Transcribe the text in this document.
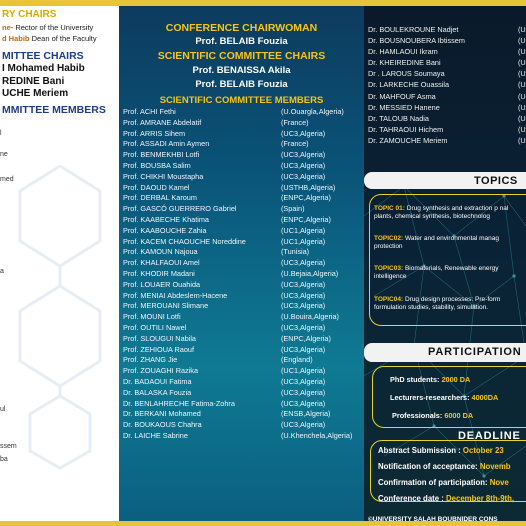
RY CHAIRS
ne- Rector of the University
d Habib Dean of the Faculty
MITTEE CHAIRS
I Mohamed Habib
REDINE Bani
UCHE Meriem
MMITTEE MEMBERS
l
ne
med
a
ul
ssem
ba
CONFERENCE CHAIRWOMAN
Prof. BELAIB Fouzia
SCIENTIFIC COMMITTEE CHAIRS
Prof. BENAISSA Akila
Prof. BELAIB Fouzia
SCIENTIFIC COMMITTEE MEMBERS
Prof. ACHI Fethi	(U.Ouargla,Algeria)
Prof. AMRANE Abdelatif	(France)
Prof. ARRIS Sihem	(UC3,Algeria)
Prof. ASSADI Amin Aymen	(France)
Prof. BENMEKHBI Lotfi	(UC3,Algeria)
Prof. BOUSBA Salim	(UC3,Algeria)
Prof. CHIKHI Moustapha	(UC3,Algeria)
Prof. DAOUD Kamel	(USTHB,Algeria)
Prof. DERBAL Karoum	(ENPC,Algeria)
Prof. GASCÓ GUERRERO Gabriel	(Spain)
Prof. KAABECHE Khatima	(ENPC,Algeria)
Prof. KAABOUCHE Zahia	(UC1,Algeria)
Prof. KACEM CHAOUCHE Noreddine	(UC1,Algeria)
Prof. KAMOUN Najoua	(Tunisia)
Prof. KHALFAOUI Amel	(UC3,Algeria)
Prof. KHODIR Madani	(U.Bejaia,Algeria)
Prof. LOUAER Ouahida	(UC3,Algeria)
Prof. MENIAI Abdeslem-Hacene	(UC3,Algeria)
Prof. MEROUANI Slimane	(UC3,Algeria)
Prof. MOUNI Lotfi	(U.Bouira,Algeria)
Prof. OUTILI Nawel	(UC3,Algeria)
Prof. SLOUGUI Nabila	(ENPC,Algeria)
Prof. ZEHIOUA Raouf	(UC3,Algeria)
Prof. ZHANG Jie	(England)
Prof. ZOUAGHI Razika	(UC1,Algeria)
Dr. BADAOUI Fatima	(UC3,Algeria)
Dr. BALASKA Fouzia	(UC3,Algeria)
Dr. BENLAHRECHE Fatima-Zohra	(UC3,Algeria)
Dr. BERKANI Mohamed	(ENSB,Algeria)
Dr. BOUKAOUS Chahra	(UC3,Algeria)
Dr. LAICHE Sabrine	(U.Khenchela,Algeria)
Dr. BOULEKROUNE Nadjet	(U
Dr. BOUSNOUBERA Ibtissem	(U
Dr. HAMLAOUI Ikram	(U
Dr. KHEIREDINE Bani	(U
Dr . LAROUS Soumaya	(U
Dr. LARKECHE Ouassila	(U
Dr. MAHFOUF Asma	(U
Dr. MESSIED Hanene	(U
Dr. TALOUB Nadia	(U
Dr. TAHRAOUI Hichem	(U
Dr. ZAMOUCHE Meriem	(U
TOPICS
TOPIC 01: Drug synthesis and extraction p nal plants, chemical synthesis, biotechnolog
TOPIC02: Water and environmental manag protection
TOPIC03: Biomaterials, Renewable energy intelligence
TOPIC04: Drug design processes: Pre-form formulation studies, stability, simulation.
PARTICIPATION
PhD students: 2000 DA
Lecturers-researchers: 4000DA
Professionals: 6000 DA
DEADLINE
Abstract Submission : October 23
Notification of acceptance: Novemb
Confirmation of participation: Nove
Conference date : December 8th-9th,
©UNIVERSITY SALAH BOUBNIDER CONS
